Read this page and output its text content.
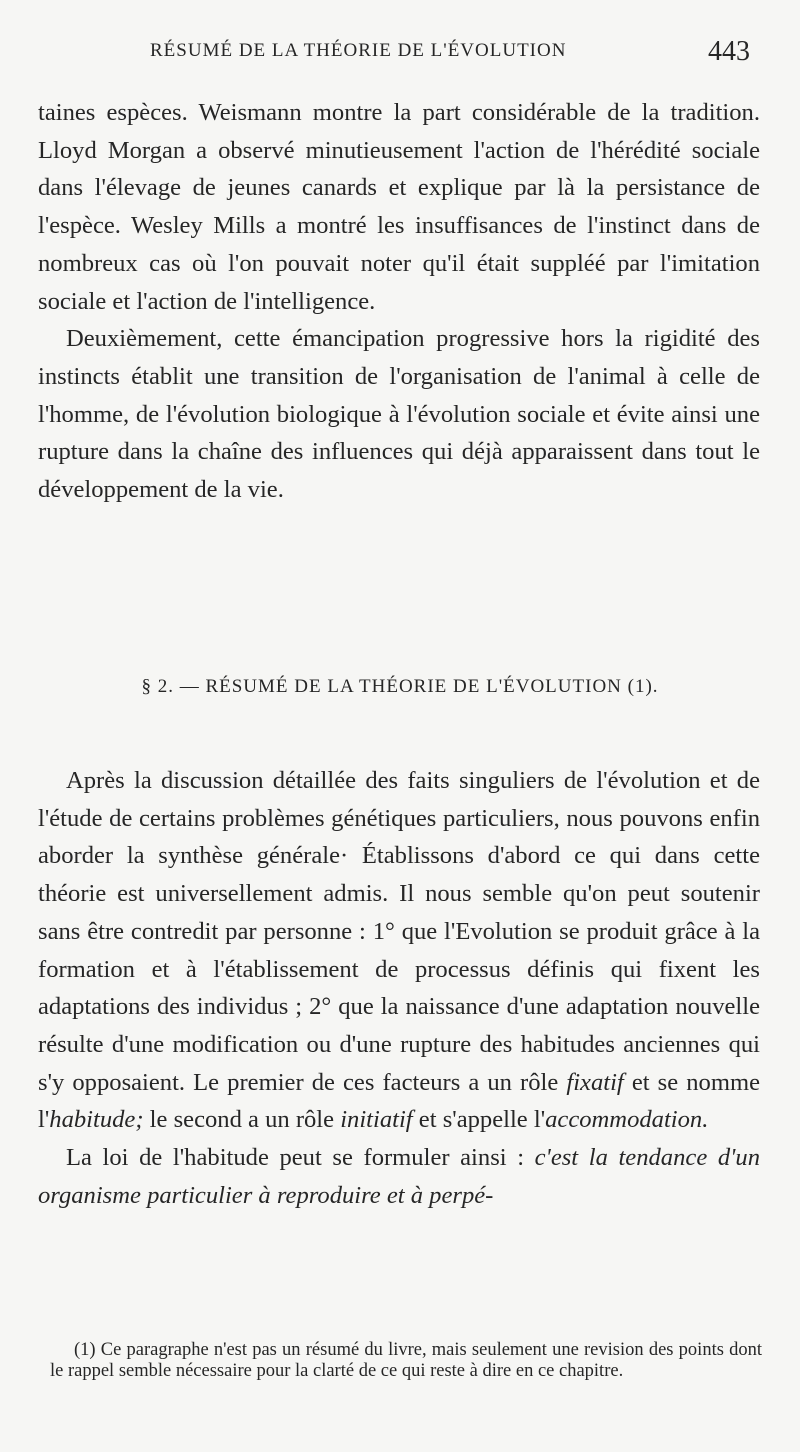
RÉSUMÉ DE LA THÉORIE DE L'ÉVOLUTION	443

taines espèces. Weismann montre la part considérable de la tradition. Lloyd Morgan a observé minutieusement l'action de l'hérédité sociale dans l'élevage de jeunes canards et explique par là la persistance de l'espèce. Wesley Mills a montré les insuffisances de l'instinct dans de nombreux cas où l'on pouvait noter qu'il était suppléé par l'imitation sociale et l'action de l'intelligence.

Deuxièmement, cette émancipation progressive hors la rigidité des instincts établit une transition de l'organisation de l'animal à celle de l'homme, de l'évolution biologique à l'évolution sociale et évite ainsi une rupture dans la chaîne des influences qui déjà apparaissent dans tout le développement de la vie.

§ 2. — RÉSUMÉ DE LA THÉORIE DE L'ÉVOLUTION (1).

Après la discussion détaillée des faits singuliers de l'évolution et de l'étude de certains problèmes génétiques particuliers, nous pouvons enfin aborder la synthèse générale· Établissons d'abord ce qui dans cette théorie est universellement admis. Il nous semble qu'on peut soutenir sans être contredit par personne : 1° que l'Evolution se produit grâce à la formation et à l'établissement de processus définis qui fixent les adaptations des individus ; 2° que la naissance d'une adaptation nouvelle résulte d'une modification ou d'une rupture des habitudes anciennes qui s'y opposaient. Le premier de ces facteurs a un rôle fixatif et se nomme l'habitude; le second a un rôle initiatif et s'appelle l'accommodation.

La loi de l'habitude peut se formuler ainsi : c'est la tendance d'un organisme particulier à reproduire et à perpé-

(1) Ce paragraphe n'est pas un résumé du livre, mais seulement une revision des points dont le rappel semble nécessaire pour la clarté de ce qui reste à dire en ce chapitre.
